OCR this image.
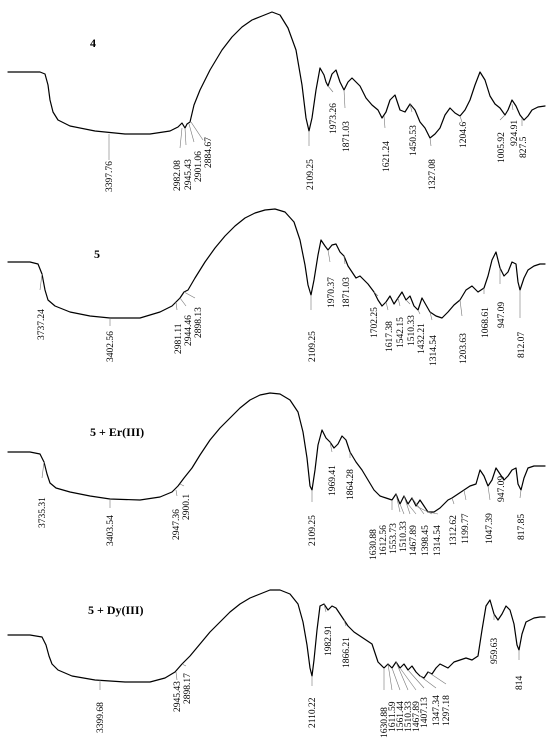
4
3397.76	2982.08 2945.43 2901.06 2884.67
2109.25
1973.26
1871.03
1621.24
1450.53
1327.08
1204.6	1005.92 924.91
827.5
5
3737.24
3402.56	2981.11 2944.46 2898.13
2109.25
1970.37 1871.03
1702.25 1617.38 1542.15 1510.33 1432.21 1314.54 1203.63
1068.61 947.09
812.07
5 + Er(III)
3735.31
3403.54	2947.36
2900.1
2109.25
1969.41 1864.28
1630.88 1612.56 1553.73 1510.33 1467.89 1398.45 1314.54 1312.62 1199.77 1047.39
947.09
817.85
5 + Dy(III)
3399.68
2945.43 2898.17
2110.22
1982.91 1866.21
1630.88
1611.59
1561.44
1510.33
1467.89
1407.13 1347.34 1297.18
959.63
814
